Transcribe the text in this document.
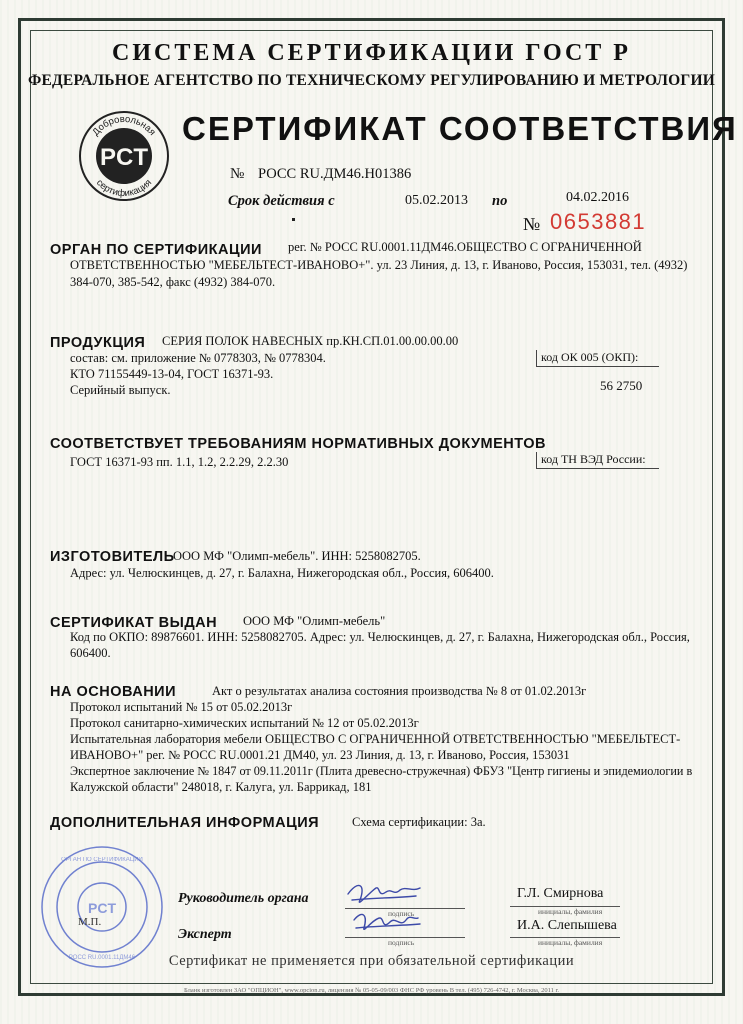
СИСТЕМА СЕРТИФИКАЦИИ ГОСТ Р
ФЕДЕРАЛЬНОЕ АГЕНТСТВО ПО ТЕХНИЧЕСКОМУ РЕГУЛИРОВАНИЮ И МЕТРОЛОГИИ
Добровольная
сертификация
PCT
СЕРТИФИКАТ СООТВЕТСТВИЯ
№ РОСС RU.ДМ46.Н01386
Срок действия с	05.02.2013 по	04.02.2016
№ 0653881
ОРГАН ПО СЕРТИФИКАЦИИ рег. № РОСС RU.0001.11ДМ46.ОБЩЕСТВО С ОГРАНИЧЕННОЙ
ОТВЕТСТВЕННОСТЬЮ "МЕБЕЛЬТЕСТ-ИВАНОВО+". ул. 23 Линия, д. 13, г. Иваново, Россия, 153031, тел. (4932)
384-070, 385-542, факс (4932) 384-070.
ПРОДУКЦИЯ СЕРИЯ ПОЛОК НАВЕСНЫХ пр.КН.СП.01.00.00.00.00
состав: см. приложение № 0778303, № 0778304.
КТО 71155449-13-04, ГОСТ 16371-93.
Серийный выпуск.
код ОК 005 (ОКП):
56 2750
СООТВЕТСТВУЕТ ТРЕБОВАНИЯМ НОРМАТИВНЫХ ДОКУМЕНТОВ
ГОСТ 16371-93 пп. 1.1, 1.2, 2.2.29, 2.2.30	код ТН ВЭД России:
ИЗГОТОВИТЕЛЬ
ООО МФ "Олимп-мебель". ИНН: 5258082705.
Адрес: ул. Челюскинцев, д. 27, г. Балахна, Нижегородская обл., Россия, 606400.
СЕРТИФИКАТ ВЫДАН ООО МФ "Олимп-мебель"
Код по ОКПО: 89876601. ИНН: 5258082705. Адрес: ул. Челюскинцев, д. 27, г. Балахна, Нижегородская обл., Россия,
606400.
НА ОСНОВАНИИ	Акт о результатах анализа состояния производства № 8 от 01.02.2013г
Протокол испытаний № 15 от 05.02.2013г
Протокол санитарно-химических испытаний № 12 от 05.02.2013г
Испытательная лаборатория мебели ОБЩЕСТВО С ОГРАНИЧЕННОЙ ОТВЕТСТВЕННОСТЬЮ "МЕБЕЛЬТЕСТ-
ИВАНОВО+" рег. № РОСС RU.0001.21 ДМ40, ул. 23 Линия, д. 13, г. Иваново, Россия, 153031
Экспертное заключение № 1847 от 09.11.2011г (Плита древесно-стружечная) ФБУЗ "Центр гигиены и эпидемиологии в
Калужской области" 248018, г. Калуга, ул. Баррикад, 181
ДОПОЛНИТЕЛЬНАЯ ИНФОРМАЦИЯ	Схема сертификации: 3а.
ОРГАН ПО СЕРТИФИКАЦИИ
РОСС RU.0001.11ДМ46
PCT
М.П.
Руководитель органа
подпись
Г.Л. Смирнова
инициалы, фамилия
Эксперт
подпись
И.А. Слепышева
инициалы, фамилия
Сертификат не применяется при обязательной сертификации
Бланк изготовлен ЗАО "ОПЦИОН", www.opcion.ru, лицензия № 05-05-09/003 ФНС РФ уровень В тел. (495) 726-4742, г. Москва, 2011 г.
